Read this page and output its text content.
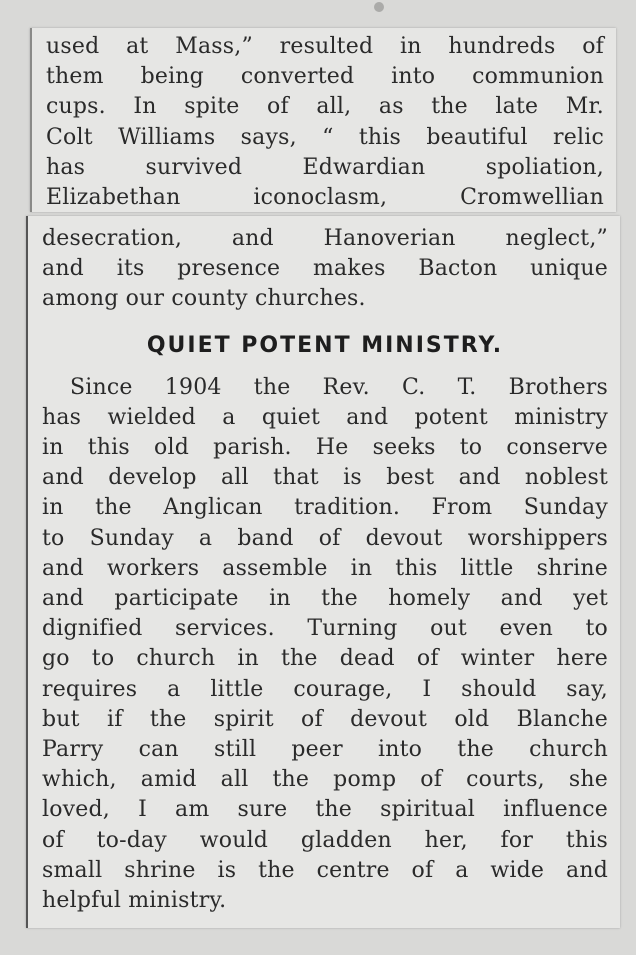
used at Mass,” resulted in hundreds of
them being converted into communion
cups. In spite of all, as the late Mr.
Colt Williams says, “ this beautiful relic
has survived Edwardian spoliation,
Elizabethan iconoclasm, Cromwellian
desecration, and Hanoverian neglect,”
and its presence makes Bacton unique
among our county churches.
QUIET POTENT MINISTRY.
Since 1904 the Rev. C. T. Brothers
has wielded a quiet and potent ministry
in this old parish. He seeks to conserve
and develop all that is best and noblest
in the Anglican tradition. From Sunday
to Sunday a band of devout worshippers
and workers assemble in this little shrine
and participate in the homely and yet
dignified services. Turning out even to
go to church in the dead of winter here
requires a little courage, I should say,
but if the spirit of devout old Blanche
Parry can still peer into the church
which, amid all the pomp of courts, she
loved, I am sure the spiritual influence
of to-day would gladden her, for this
small shrine is the centre of a wide and
helpful ministry.
